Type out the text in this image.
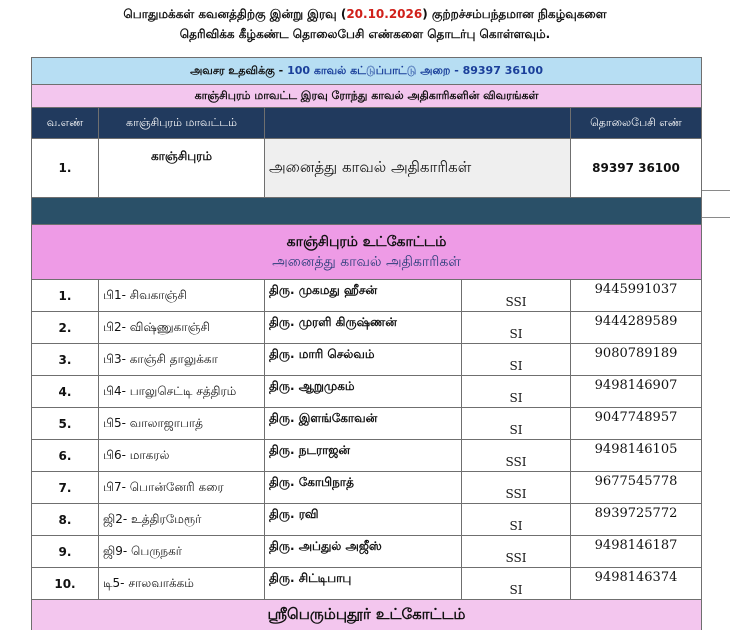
பொதுமக்கள் கவனத்திற்கு இன்று இரவு (20.10.2026) குற்றச்சம்பந்தமான நிகழ்வுகளை
தெரிவிக்க கீழ்கண்ட தொலைபேசி எண்களை தொடர்பு கொள்ளவும்.
அவசர உதவிக்கு - 100 காவல் கட்டுப்பாட்டு அறை - 89397 36100				
காஞ்சிபுரம் மாவட்ட இரவு ரோந்து காவல் அதிகாரிகளின் விவரங்கள்				
வ.எண்	காஞ்சிபுரம் மாவட்டம்			தொலைபேசி எண்
1.	காஞ்சிபுரம்	அனைத்து காவல் அதிகாரிகள்		89397 36100

காஞ்சிபுரம் உட்கோட்டம்
அனைத்து காவல் அதிகாரிகள்				

1.	பி1- சிவகாஞ்சி	திரு. முகமது ஹீசன்	SSI	9445991037
2.	பி2- விஷ்ணுகாஞ்சி	திரு. முரளி கிருஷ்ணன்	SI	9444289589
3.	பி3- காஞ்சி தாலுக்கா	திரு. மாரி செல்வம்	SI	9080789189
4.	பி4- பாலுசெட்டி சத்திரம்	திரு. ஆறுமுகம்	SI	9498146907
5.	பி5- வாலாஜாபாத்	திரு. இளங்கோவன்	SI	9047748957
6.	பி6- மாகரல்	திரு. நடராஜன்	SSI	9498146105
7.	பி7- பொன்னேரி கரை	திரு. கோபிநாத்	SSI	9677545778
8.	ஜி2- உத்திரமேரூர்	திரு. ரவி	SI	8939725772
9.	ஜி9- பெருநகர்	திரு. அப்துல் அஜீஸ்	SSI	9498146187
10.	டி5- சாலவாக்கம்	திரு. சிட்டிபாபு	SI	9498146374
ஸ்ரீபெரும்புதூர் உட்கோட்டம்				
